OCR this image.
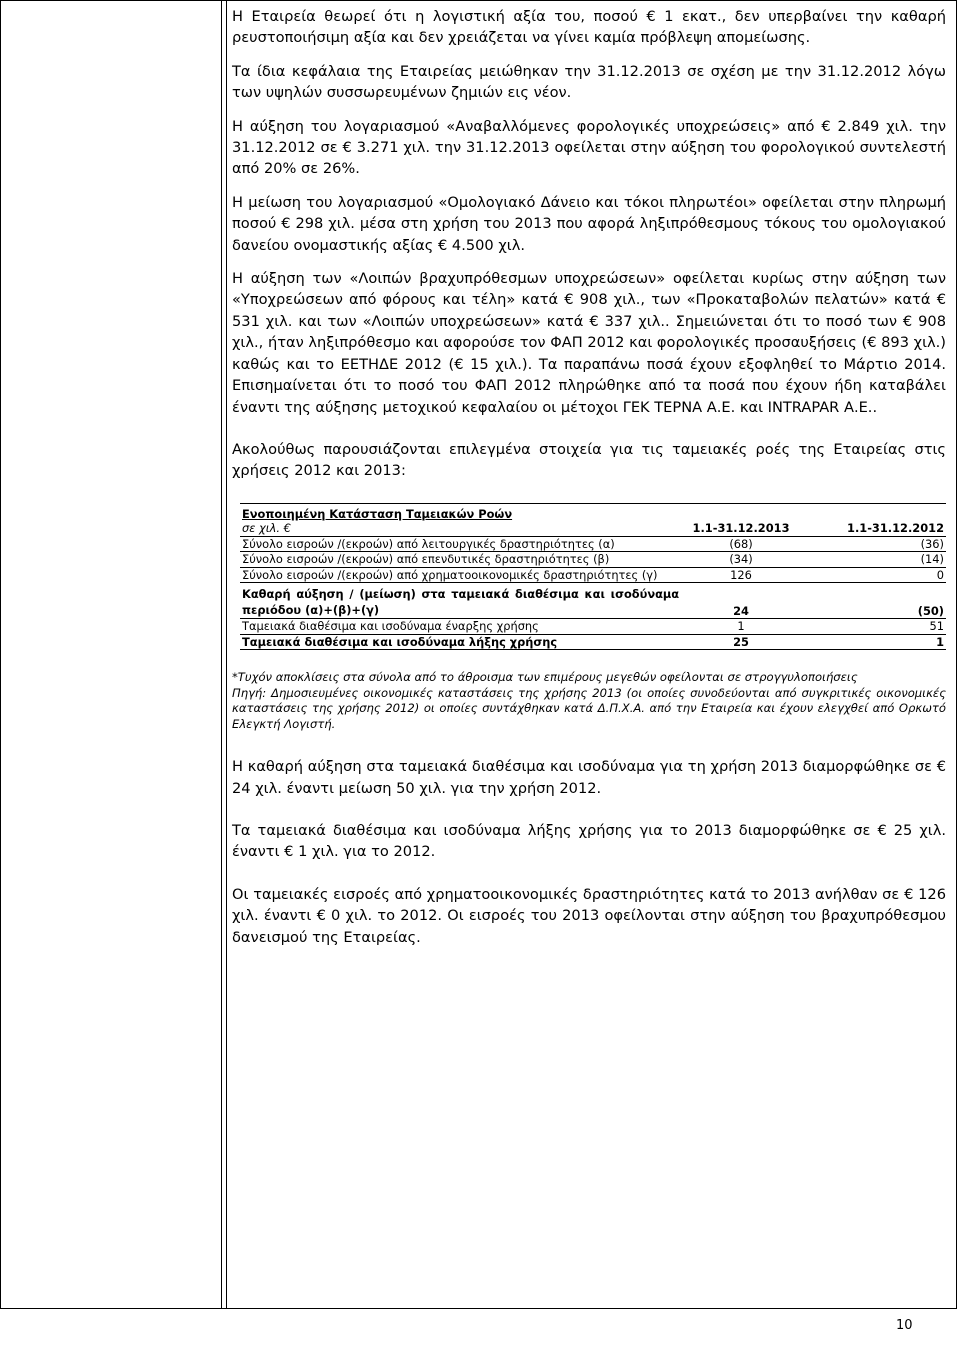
Η Εταιρεία θεωρεί ότι η λογιστική αξία του, ποσού € 1 εκατ., δεν υπερβαίνει την καθαρή ρευστοποιήσιμη αξία και δεν χρειάζεται να γίνει καμία πρόβλεψη απομείωσης.

Τα ίδια κεφάλαια της Εταιρείας μειώθηκαν την 31.12.2013 σε σχέση με την 31.12.2012 λόγω των υψηλών συσσωρευμένων ζημιών εις νέον.

Η αύξηση του λογαριασμού «Αναβαλλόμενες φορολογικές υποχρεώσεις» από € 2.849 χιλ. την 31.12.2012 σε € 3.271 χιλ. την 31.12.2013 οφείλεται στην αύξηση του φορολογικού συντελεστή από 20% σε 26%.

Η μείωση του λογαριασμού «Ομολογιακό Δάνειο και τόκοι πληρωτέοι» οφείλεται στην πληρωμή ποσού € 298 χιλ. μέσα στη χρήση του 2013 που αφορά ληξιπρόθεσμους τόκους του ομολογιακού δανείου ονομαστικής αξίας € 4.500 χιλ.

Η αύξηση των «Λοιπών βραχυπρόθεσμων υποχρεώσεων» οφείλεται κυρίως στην αύξηση των «Υποχρεώσεων από φόρους και τέλη» κατά € 908 χιλ., των «Προκαταβολών πελατών» κατά € 531 χιλ. και των «Λοιπών υποχρεώσεων» κατά € 337 χιλ.. Σημειώνεται ότι το ποσό των € 908 χιλ., ήταν ληξιπρόθεσμο και αφορούσε τον ΦΑΠ 2012 και φορολογικές προσαυξήσεις (€ 893 χιλ.) καθώς και το ΕΕΤΗΔΕ 2012 (€ 15 χιλ.). Τα παραπάνω ποσά έχουν εξοφληθεί το Μάρτιο 2014. Επισημαίνεται ότι το ποσό του ΦΑΠ 2012 πληρώθηκε από τα ποσά που έχουν ήδη καταβάλει έναντι της αύξησης μετοχικού κεφαλαίου οι μέτοχοι ΓΕΚ ΤΕΡΝΑ Α.Ε. και INTRAPAR Α.Ε..

Ακολούθως παρουσιάζονται επιλεγμένα στοιχεία για τις ταμειακές ροές της Εταιρείας στις χρήσεις 2012 και 2013:

Ενοποιημένη Κατάσταση Ταμειακών Ροών		
σε χιλ. €	1.1-31.12.2013	1.1-31.12.2012
Σύνολο εισροών /(εκροών) από λειτουργικές δραστηριότητες (α)	(68)	(36)
Σύνολο εισροών /(εκροών) από επενδυτικές δραστηριότητες (β)	(34)	(14)
Σύνολο εισροών /(εκροών) από χρηματοοικονομικές δραστηριότητες (γ)	126	0
Καθαρή αύξηση / (μείωση) στα ταμειακά διαθέσιμα και ισοδύναμα περιόδου (α)+(β)+(γ)	24	(50)
Ταμειακά διαθέσιμα και ισοδύναμα έναρξης χρήσης	1	51
Ταμειακά διαθέσιμα και ισοδύναμα λήξης χρήσης	25	1

*Τυχόν αποκλίσεις στα σύνολα από το άθροισμα των επιμέρους μεγεθών οφείλονται σε στρογγυλοποιήσεις

Πηγή: Δημοσιευμένες οικονομικές καταστάσεις της χρήσης 2013 (οι οποίες συνοδεύονται από συγκριτικές οικονομικές καταστάσεις της χρήσης 2012) οι οποίες συντάχθηκαν κατά Δ.Π.Χ.Α. από την Εταιρεία και έχουν ελεγχθεί από Ορκωτό Ελεγκτή Λογιστή.

Η καθαρή αύξηση στα ταμειακά διαθέσιμα και ισοδύναμα για τη χρήση 2013 διαμορφώθηκε σε € 24 χιλ. έναντι μείωση 50 χιλ. για την χρήση 2012.

Τα ταμειακά διαθέσιμα και ισοδύναμα λήξης χρήσης για το 2013 διαμορφώθηκε σε € 25 χιλ. έναντι € 1 χιλ. για το 2012.

Οι ταμειακές εισροές από χρηματοοικονομικές δραστηριότητες κατά το 2013 ανήλθαν σε € 126 χιλ. έναντι € 0 χιλ. το 2012. Οι εισροές του 2013 οφείλονται στην αύξηση του βραχυπρόθεσμου δανεισμού της Εταιρείας.

10
